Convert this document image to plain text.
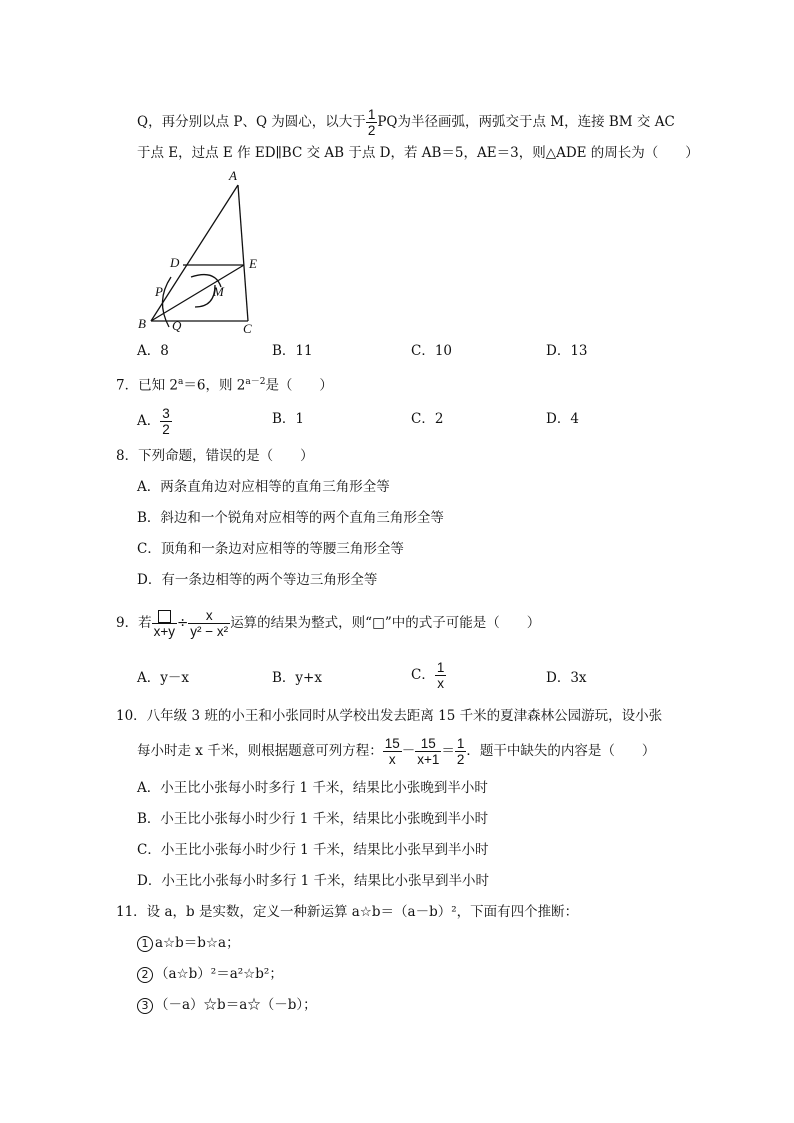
Q，再分别以点 P、Q 为圆心，以大于 $\frac{1}{2}$ PQ为半径画弧，两弧交于点 M，连接 BM 交 AC
于点 E，过点 E 作 ED∥BC 交 AB 于点 D，若 AB＝5，AE＝3，则△ADE 的周长为（　　）
A
D	E
P	M
B Q	C
A．8	B．11	C．10	D．13
7．已知 $2^a=6$，则 $2^{a-2}$是（　　）
A． $\frac{3}{2}$	B．1	C．2	D．4
8．下列命题，错误的是（　　）
A．两条直角边对应相等的直角三角形全等
B．斜边和一个锐角对应相等的两个直角三角形全等
C．顶角和一条边对应相等的等腰三角形全等
D．有一条边相等的两个等边三角形全等
9．若
x+y
÷ $\frac{x}{\text{y² − x²}}$ 运算的结果为整式，则“□”中的式子可能是（　　）
A．y－x	B．y+x	C． $\frac{1}{x}$	D．3x
10．八年级 3 班的小王和小张同时从学校出发去距离 15 千米的夏津森林公园游玩，设小张
每小时走 x 千米，则根据题意可列方程： $\frac{15}{x} - \frac{15}{x+1} = \frac{1}{2}$ ．题干中缺失的内容是（　　）
A．小王比小张每小时多行 1 千米，结果比小张晚到半小时
B．小王比小张每小时少行 1 千米，结果比小张晚到半小时
C．小王比小张每小时少行 1 千米，结果比小张早到半小时
D．小王比小张每小时多行 1 千米，结果比小张早到半小时
11．设 a，b 是实数，定义一种新运算 a☆b＝（a－b）²，下面有四个推断：
1 a☆b＝b☆a；
2 （a☆b）²＝a²☆b²；
3 （－a）☆b＝a☆（－b）；
